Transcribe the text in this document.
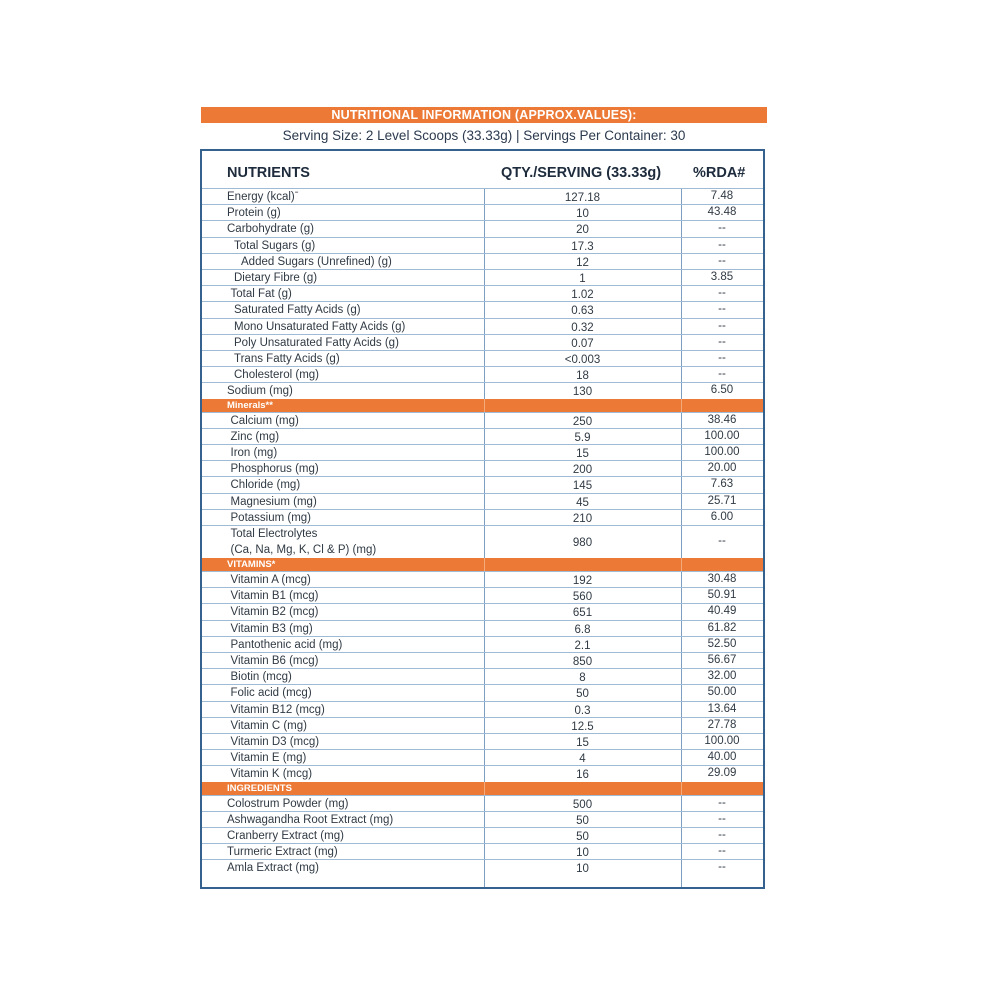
NUTRITIONAL INFORMATION (APPROX.VALUES):
Serving Size: 2 Level Scoops (33.33g) | Servings Per Container: 30
NUTRIENTS	QTY./SERVING (33.33g) %RDA#
Energy (kcal)ˉ	127.18	7.48
Protein (g)	10	43.48
Carbohydrate (g)	20	--
Total Sugars (g)	17.3	--
Added Sugars (Unrefined) (g)	12	--
Dietary Fibre (g)	1	3.85
Total Fat (g)	1.02	--
Saturated Fatty Acids (g)	0.63	--
Mono Unsaturated Fatty Acids (g)	0.32	--
Poly Unsaturated Fatty Acids (g)	0.07	--
Trans Fatty Acids (g)	<0.003	--
Cholesterol (mg)	18	--
Sodium (mg)	130	6.50
Minerals**
Calcium (mg)	250	38.46
Zinc (mg)	5.9	100.00
Iron (mg)	15	100.00
Phosphorus (mg)	200	20.00
Chloride (mg)	145	7.63
Magnesium (mg)	45	25.71
Potassium (mg)	210	6.00
Total Electrolytes
(Ca, Na, Mg, K, Cl & P) (mg)
980	--
VITAMINS*
Vitamin A (mcg)	192	30.48
Vitamin B1 (mcg)	560	50.91
Vitamin B2 (mcg)	651	40.49
Vitamin B3 (mg)	6.8	61.82
Pantothenic acid (mg)	2.1	52.50
Vitamin B6 (mcg)	850	56.67
Biotin (mcg)	8	32.00
Folic acid (mcg)	50	50.00
Vitamin B12 (mcg)	0.3	13.64
Vitamin C (mg)	12.5	27.78
Vitamin D3 (mcg)	15	100.00
Vitamin E (mg)	4	40.00
Vitamin K (mcg)	16	29.09
INGREDIENTS
Colostrum Powder (mg)	500	--
Ashwagandha Root Extract (mg)	50	--
Cranberry Extract (mg)	50	--
Turmeric Extract (mg)	10	--
Amla Extract (mg)	10	--
